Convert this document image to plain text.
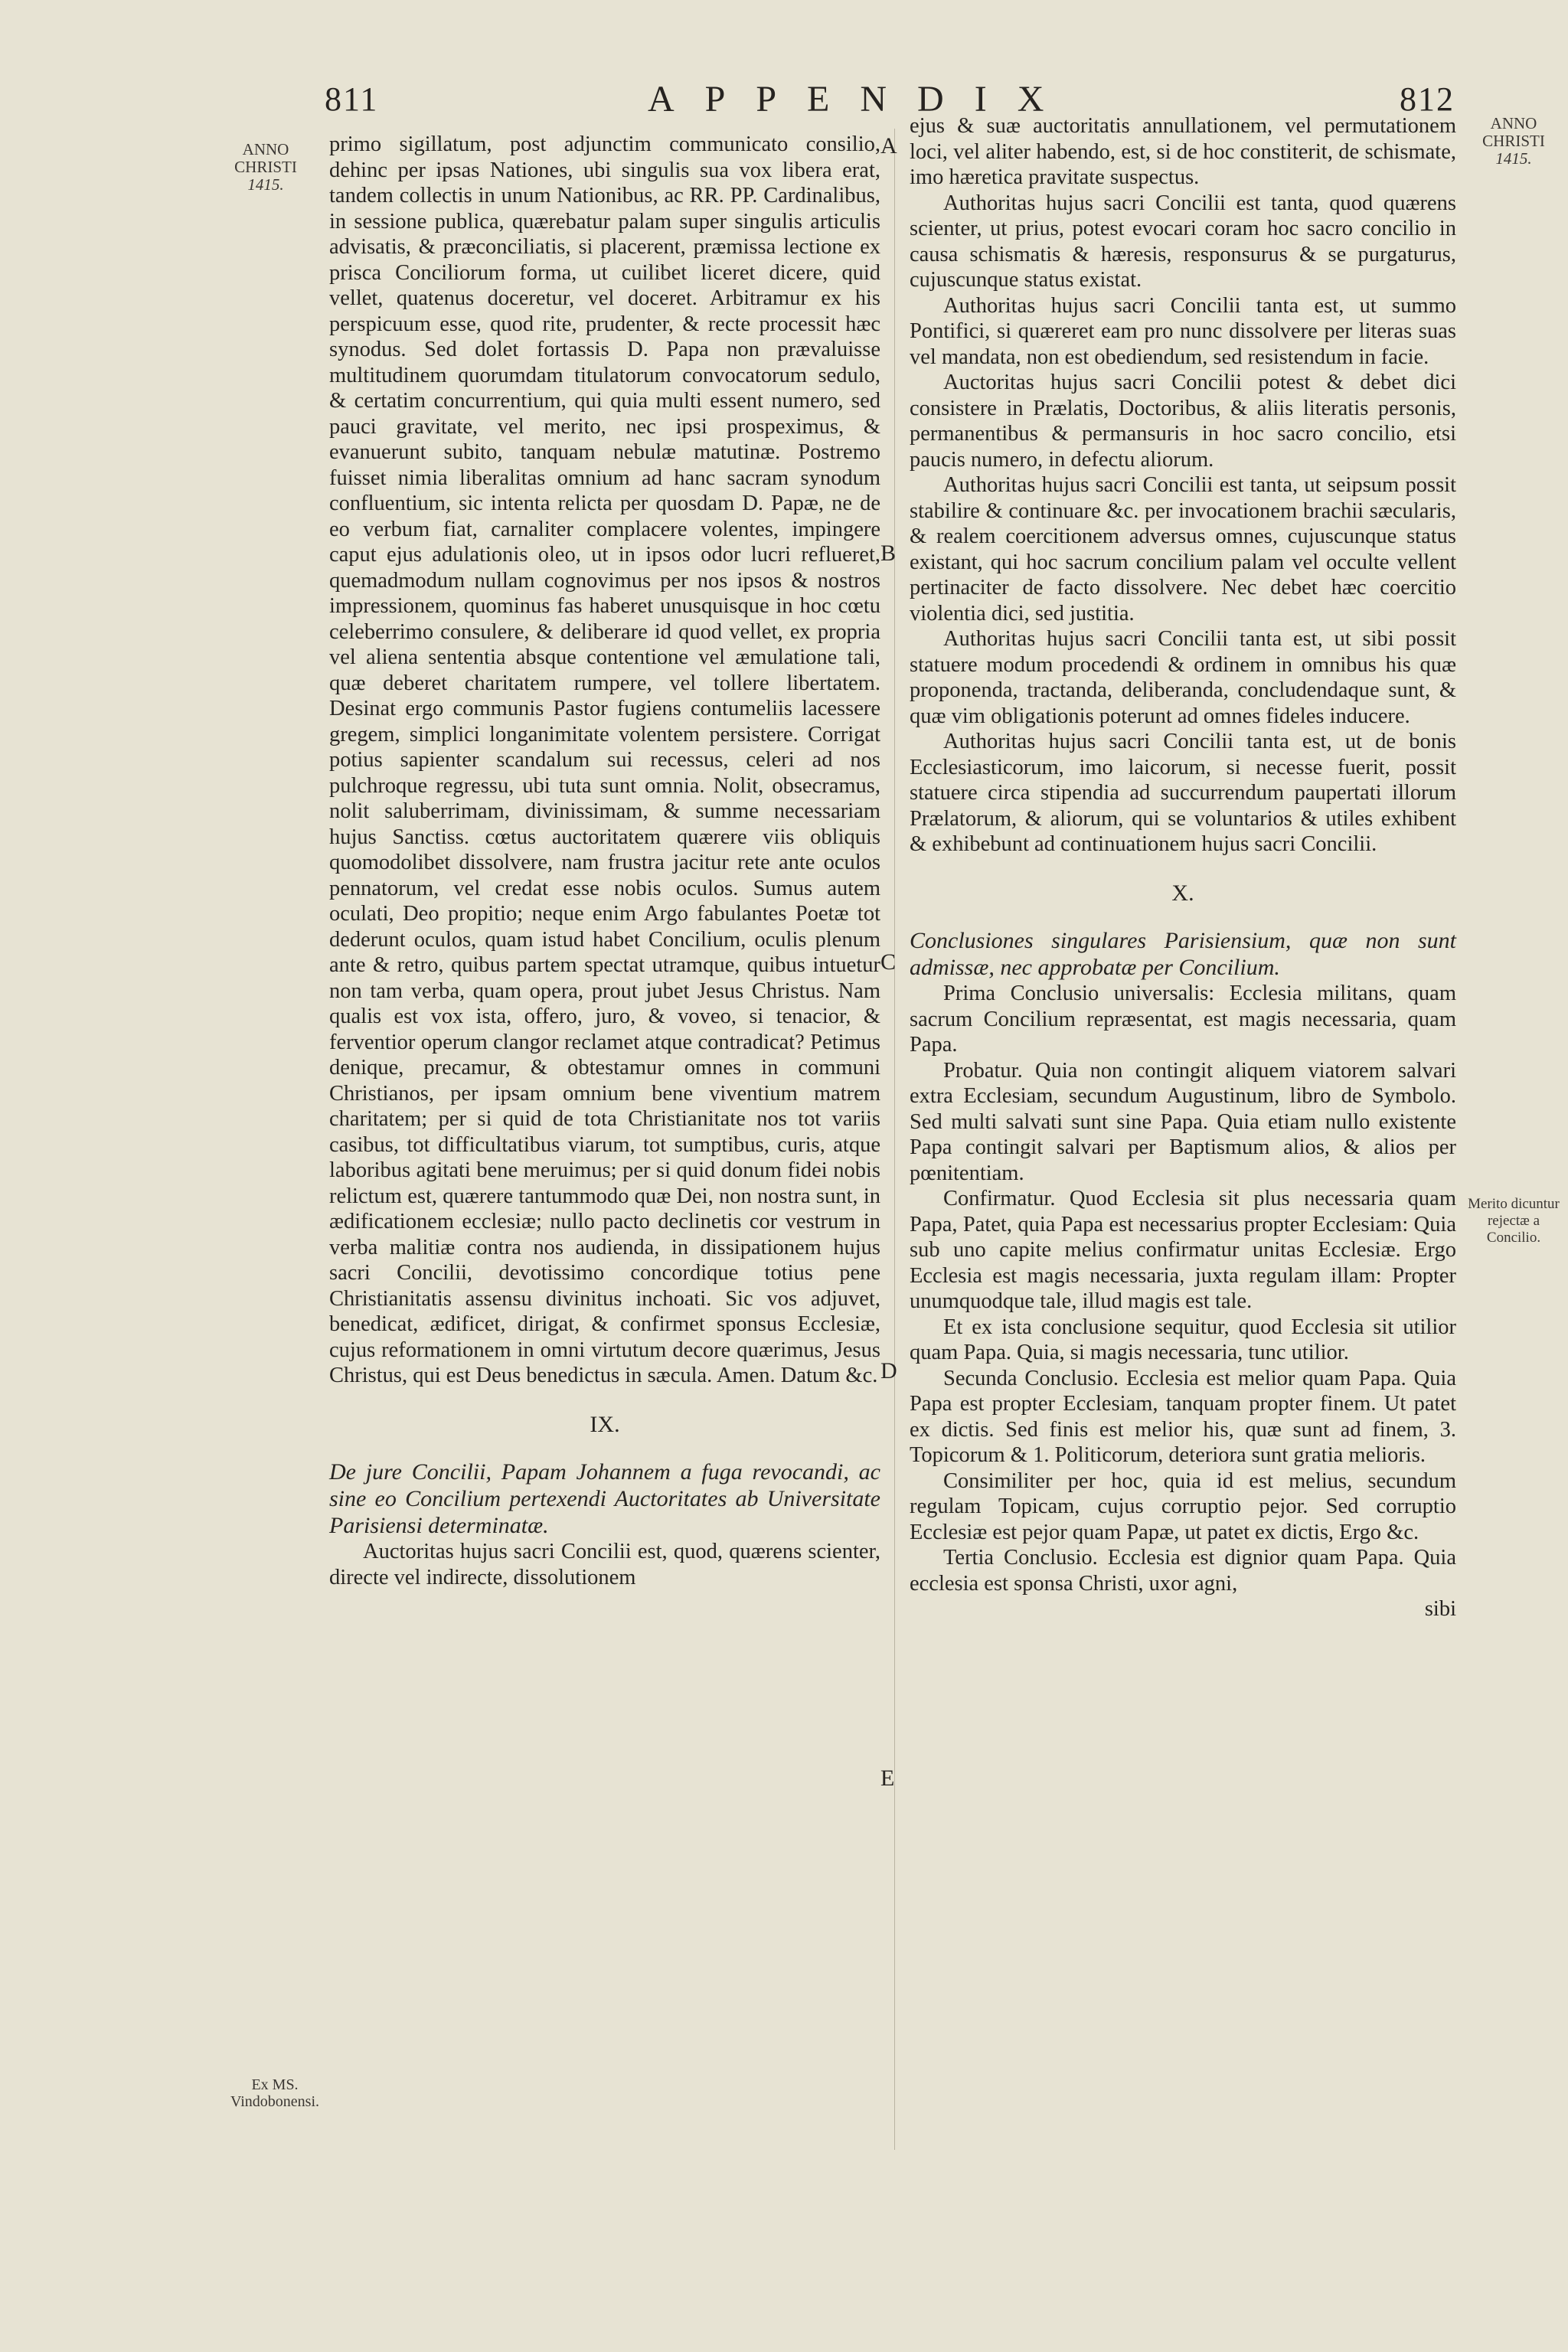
811	APPENDIX	812
ANNO
CHRISTI
1415.
ANNO
CHRISTI
1415.
Merito dicuntur rejectæ a Concilio.
Ex MS. Vindobonensi.
A
B
C
D
E

primo sigillatum, post adjunctim communicato consilio, dehinc per ipsas Nationes, ubi singulis sua vox libera erat, tandem collectis in unum Nationibus, ac RR. PP. Cardinalibus, in sessione publica, quærebatur palam super singulis articulis advisatis, & præconciliatis, si placerent, præmissa lectione ex prisca Conciliorum forma, ut cuilibet liceret dicere, quid vellet, quatenus doceretur, vel doceret. Arbitramur ex his perspicuum esse, quod rite, prudenter, & recte processit hæc synodus. Sed dolet fortassis D. Papa non prævaluisse multitudinem quorumdam titulatorum convocatorum sedulo, & certatim concurrentium, qui quia multi essent numero, sed pauci gravitate, vel merito, nec ipsi prospeximus, & evanuerunt subito, tanquam nebulæ matutinæ. Postremo fuisset nimia liberalitas omnium ad hanc sacram synodum confluentium, sic intenta relicta per quosdam D. Papæ, ne de eo verbum fiat, carnaliter complacere volentes, impingere caput ejus adulationis oleo, ut in ipsos odor lucri reflueret, quemadmodum nullam cognovimus per nos ipsos & nostros impressionem, quominus fas haberet unusquisque in hoc cœtu celeberrimo consulere, & deliberare id quod vellet, ex propria vel aliena sententia absque contentione vel æmulatione tali, quæ deberet charitatem rumpere, vel tollere libertatem. Desinat ergo communis Pastor fugiens contumeliis lacessere gregem, simplici longanimitate volentem persistere. Corrigat potius sapienter scandalum sui recessus, celeri ad nos pulchroque regressu, ubi tuta sunt omnia. Nolit, obsecramus, nolit saluberrimam, divinissimam, & summe necessariam hujus Sanctiss. cœtus auctoritatem quærere viis obliquis quomodolibet dissolvere, nam frustra jacitur rete ante oculos pennatorum, vel credat esse nobis oculos. Sumus autem oculati, Deo propitio; neque enim Argo fabulantes Poetæ tot dederunt oculos, quam istud habet Concilium, oculis plenum ante & retro, quibus partem spectat utramque, quibus intuetur non tam verba, quam opera, prout jubet Jesus Christus. Nam qualis est vox ista, offero, juro, & voveo, si tenacior, & ferventior operum clangor reclamet atque contradicat? Petimus denique, precamur, & obtestamur omnes in communi Christianos, per ipsam omnium bene viventium matrem charitatem; per si quid de tota Christianitate nos tot variis casibus, tot difficultatibus viarum, tot sumptibus, curis, atque laboribus agitati bene meruimus; per si quid donum fidei nobis relictum est, quærere tantummodo quæ Dei, non nostra sunt, in ædificationem ecclesiæ; nullo pacto declinetis cor vestrum in verba malitiæ contra nos audienda, in dissipationem hujus sacri Concilii, devotissimo concordique totius pene Christianitatis assensu divinitus inchoati. Sic vos adjuvet, benedicat, ædificet, dirigat, & confirmet sponsus Ecclesiæ, cujus reformationem in omni virtutum decore quærimus, Jesus Christus, qui est Deus benedictus in sæcula. Amen. Datum &c.

IX.

De jure Concilii, Papam Johannem a fuga revocandi, ac sine eo Concilium pertexendi Auctoritates ab Universitate Parisiensi determinatæ.

Auctoritas hujus sacri Concilii est, quod, quærens scienter, directe vel indirecte, dissolutionem

ejus & suæ auctoritatis annullationem, vel permutationem loci, vel aliter habendo, est, si de hoc constiterit, de schismate, imo hæretica pravitate suspectus.

Authoritas hujus sacri Concilii est tanta, quod quærens scienter, ut prius, potest evocari coram hoc sacro concilio in causa schismatis & hæresis, responsurus & se purgaturus, cujuscunque status existat.

Authoritas hujus sacri Concilii tanta est, ut summo Pontifici, si quæreret eam pro nunc dissolvere per literas suas vel mandata, non est obediendum, sed resistendum in facie.

Auctoritas hujus sacri Concilii potest & debet dici consistere in Prælatis, Doctoribus, & aliis literatis personis, permanentibus & permansuris in hoc sacro concilio, etsi paucis numero, in defectu aliorum.

Authoritas hujus sacri Concilii est tanta, ut seipsum possit stabilire & continuare &c. per invocationem brachii sæcularis, & realem coercitionem adversus omnes, cujuscunque status existant, qui hoc sacrum concilium palam vel occulte vellent pertinaciter de facto dissolvere. Nec debet hæc coercitio violentia dici, sed justitia.

Authoritas hujus sacri Concilii tanta est, ut sibi possit statuere modum procedendi & ordinem in omnibus his quæ proponenda, tractanda, deliberanda, concludendaque sunt, & quæ vim obligationis poterunt ad omnes fideles inducere.

Authoritas hujus sacri Concilii tanta est, ut de bonis Ecclesiasticorum, imo laicorum, si necesse fuerit, possit statuere circa stipendia ad succurrendum paupertati illorum Prælatorum, & aliorum, qui se voluntarios & utiles exhibent & exhibebunt ad continuationem hujus sacri Concilii.

X.

Conclusiones singulares Parisiensium, quæ non sunt admissæ, nec approbatæ per Concilium.

Prima Conclusio universalis: Ecclesia militans, quam sacrum Concilium repræsentat, est magis necessaria, quam Papa.

Probatur. Quia non contingit aliquem viatorem salvari extra Ecclesiam, secundum Augustinum, libro de Symbolo. Sed multi salvati sunt sine Papa. Quia etiam nullo existente Papa contingit salvari per Baptismum alios, & alios per pœnitentiam.

Confirmatur. Quod Ecclesia sit plus necessaria quam Papa, Patet, quia Papa est necessarius propter Ecclesiam: Quia sub uno capite melius confirmatur unitas Ecclesiæ. Ergo Ecclesia est magis necessaria, juxta regulam illam: Propter unumquodque tale, illud magis est tale.

Et ex ista conclusione sequitur, quod Ecclesia sit utilior quam Papa. Quia, si magis necessaria, tunc utilior.

Secunda Conclusio. Ecclesia est melior quam Papa. Quia Papa est propter Ecclesiam, tanquam propter finem. Ut patet ex dictis. Sed finis est melior his, quæ sunt ad finem, 3. Topicorum & 1. Politicorum, deteriora sunt gratia melioris.

Consimiliter per hoc, quia id est melius, secundum regulam Topicam, cujus corruptio pejor. Sed corruptio Ecclesiæ est pejor quam Papæ, ut patet ex dictis, Ergo &c.

Tertia Conclusio. Ecclesia est dignior quam Papa. Quia ecclesia est sponsa Christi, uxor agni,

sibi
